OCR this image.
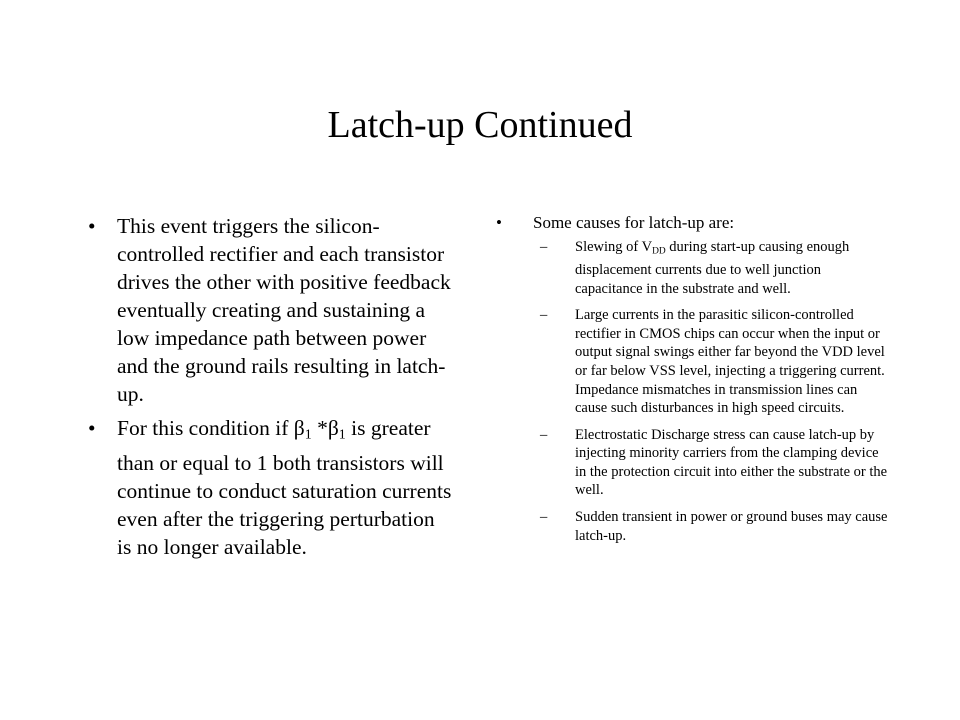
Latch-up Continued
• This event triggers the silicon-controlled rectifier and each transistor drives the other with positive feedback eventually creating and sustaining a low impedance path between power and the ground rails resulting in latch-up.
• For this condition if $\beta_1$ $*\beta_1$ is greater than or equal to 1 both transistors will continue to conduct saturation currents even after the triggering perturbation is no longer available.
• Some causes for latch-up are:
– Slewing of $V_{DD}$ during start-up causing enough displacement currents due to well junction capacitance in the substrate and well.
– Large currents in the parasitic silicon-controlled rectifier in CMOS chips can occur when the input or output signal swings either far beyond the VDD level or far below VSS level, injecting a triggering current. Impedance mismatches in transmission lines can cause such disturbances in high speed circuits.
– Electrostatic Discharge stress can cause latch-up by injecting minority carriers from the clamping device in the protection circuit into either the substrate or the well.
– Sudden transient in power or ground buses may cause latch-up.
